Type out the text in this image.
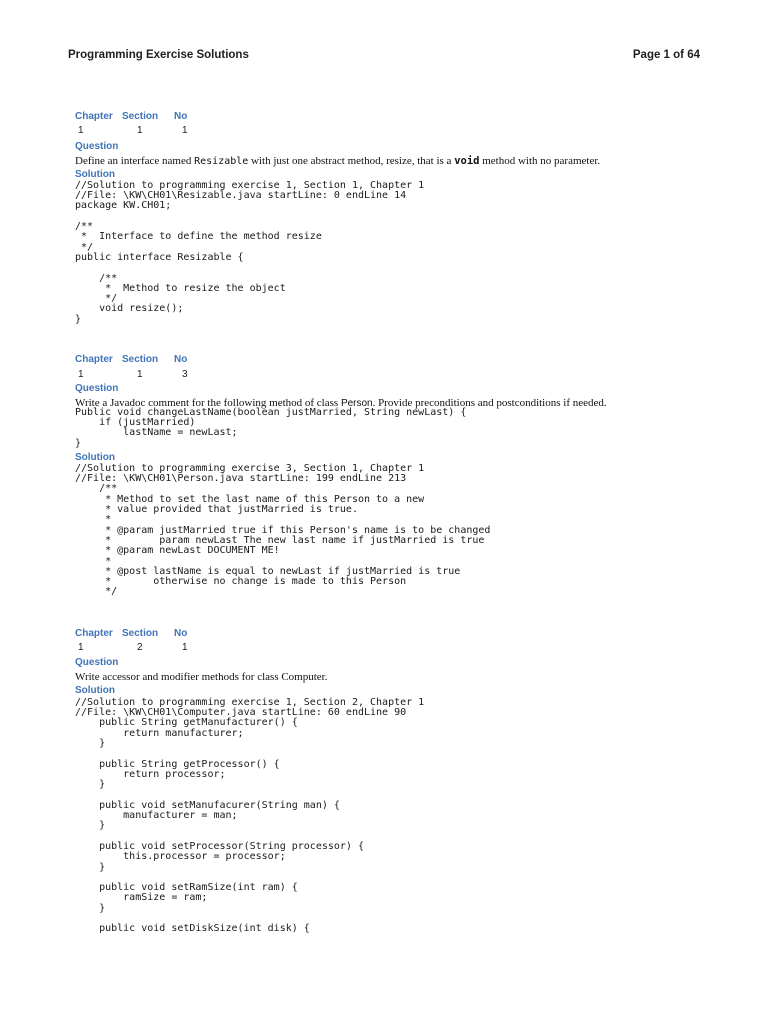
Programming Exercise Solutions	Page 1 of 64
Chapter Section No
1	1	1
Question
Define an interface named Resizable with just one abstract method, resize, that is a void method with no parameter.
Solution
//Solution to programming exercise 1, Section 1, Chapter 1
//File: \KW\CH01\Resizable.java startLine: 0 endLine 14
package KW.CH01;

/**
*  Interface to define the method resize
*/
public interface Resizable {

/**
*  Method to resize the object
*/
void resize();
}
Chapter Section No
1	1	3
Question
Write a Javadoc comment for the following method of class Person. Provide preconditions and postconditions if needed.
Public void changeLastName(boolean justMarried, String newLast) {
if (justMarried)
lastName = newLast;
}
Solution
//Solution to programming exercise 3, Section 1, Chapter 1
//File: \KW\CH01\Person.java startLine: 199 endLine 213
/**
* Method to set the last name of this Person to a new
* value provided that justMarried is true.
*
* @param justMarried true if this Person's name is to be changed
*        param newLast The new last name if justMarried is true
* @param newLast DOCUMENT ME!
*
* @post lastName is equal to newLast if justMarried is true
*       otherwise no change is made to this Person
*/
Chapter Section No
1	2	1
Question
Write accessor and modifier methods for class Computer.
Solution
//Solution to programming exercise 1, Section 2, Chapter 1
//File: \KW\CH01\Computer.java startLine: 60 endLine 90
public String getManufacturer() {
return manufacturer;
}

public String getProcessor() {
return processor;
}

public void setManufacurer(String man) {
manufacturer = man;
}

public void setProcessor(String processor) {
this.processor = processor;
}

public void setRamSize(int ram) {
ramSize = ram;
}

public void setDiskSize(int disk) {
